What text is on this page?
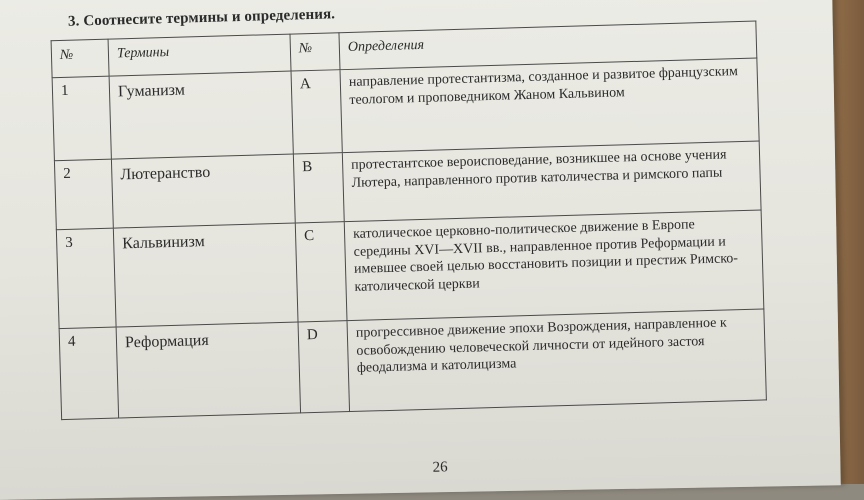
3. Соотнесите термины и определения.
№	Термины	№	Определения
1	Гуманизм	A	направление протестантизма, созданное и развитое французским теологом и проповедником Жаном Кальвином
2	Лютеранство	B	протестантское вероисповедание, возникшее на основе учения Лютера, направленного против католичества и римского папы
3	Кальвинизм	C	католическое церковно-политическое движение в Европе середины XVI—XVII вв., направленное против Реформации и имевшее своей целью восстановить позиции и престиж Римско-католической церкви
4	Реформация	D	прогрессивное движение эпохи Возрождения, направленное к освобождению человеческой личности от идейного застоя феодализма и католицизма
26
